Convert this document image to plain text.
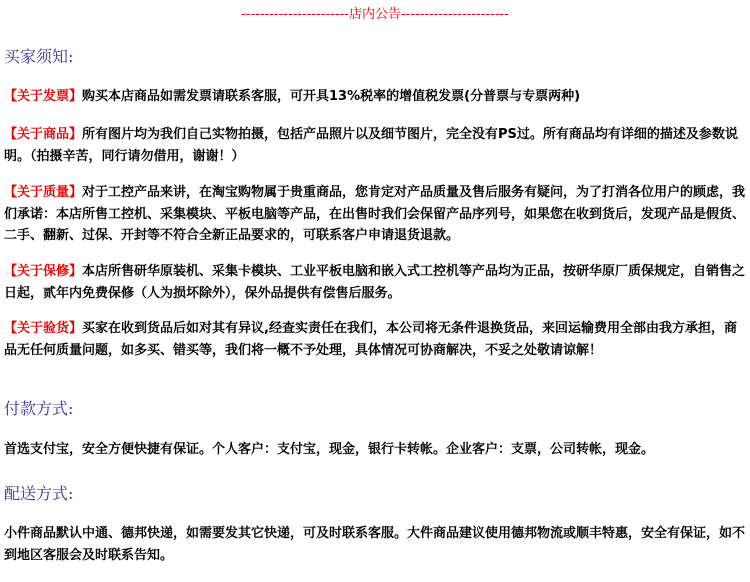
-----------------------店内公告-----------------------
买家须知:
【关于发票】购买本店商品如需发票请联系客服，可开具13%税率的增值税发票(分普票与专票两种)
【关于商品】所有图片均为我们自己实物拍摄，包括产品照片以及细节图片，完全没有PS过。所有商品均有详细的描述及参数说明。（拍摄辛苦，同行请勿借用，谢谢！）
【关于质量】对于工控产品来讲，在淘宝购物属于贵重商品，您肯定对产品质量及售后服务有疑问，为了打消各位用户的顾虑，我们承诺：本店所售工控机、采集模块、平板电脑等产品，在出售时我们会保留产品序列号，如果您在收到货后，发现产品是假货、二手、翻新、过保、开封等不符合全新正品要求的，可联系客户申请退货退款。
【关于保修】本店所售研华原装机、采集卡模块、工业平板电脑和嵌入式工控机等产品均为正品，按研华原厂质保规定，自销售之日起，贰年内免费保修（人为损坏除外），保外品提供有偿售后服务。
【关于验货】买家在收到货品后如对其有异议,经查实责任在我们，本公司将无条件退换货品，来回运输费用全部由我方承担，商品无任何质量问题，如多买、错买等，我们将一概不予处理，具体情况可协商解决，不妥之处敬请谅解！
付款方式:
首选支付宝，安全方便快捷有保证。个人客户：支付宝，现金，银行卡转帐。企业客户：支票，公司转帐，现金。
配送方式:
小件商品默认中通、德邦快递，如需要发其它快递，可及时联系客服。大件商品建议使用德邦物流或顺丰特惠，安全有保证，如不到地区客服会及时联系告知。
